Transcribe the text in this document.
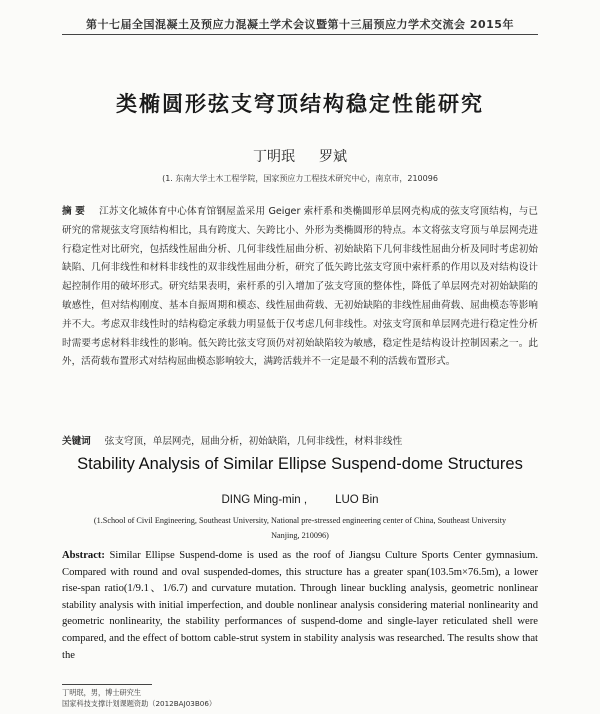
第十七届全国混凝土及预应力混凝土学术会议暨第十三届预应力学术交流会 2015年
类椭圆形弦支穹顶结构稳定性能研究
丁明珉 罗斌
(1. 东南大学土木工程学院，国家预应力工程技术研究中心，南京市，210096
摘 要 江苏文化城体育中心体育馆钢屋盖采用 Geiger 索杆系和类椭圆形单层网壳构成的弦支穹顶结构，与已研究的常规弦支穹顶结构相比，具有跨度大、矢跨比小、外形为类椭圆形的特点。本文将弦支穹顶与单层网壳进行稳定性对比研究，包括线性屈曲分析、几何非线性屈曲分析、初始缺陷下几何非线性屈曲分析及同时考虑初始缺陷、几何非线性和材料非线性的双非线性屈曲分析，研究了低矢跨比弦支穹顶中索杆系的作用以及对结构设计起控制作用的破坏形式。研究结果表明，索杆系的引入增加了弦支穹顶的整体性，降低了单层网壳对初始缺陷的敏感性，但对结构刚度、基本自振周期和模态、线性屈曲荷载、无初始缺陷的非线性屈曲荷载、屈曲模态等影响并不大。考虑双非线性时的结构稳定承载力明显低于仅考虑几何非线性。对弦支穹顶和单层网壳进行稳定性分析时需要考虑材料非线性的影响。低矢跨比弦支穹顶仍对初始缺陷较为敏感，稳定性是结构设计控制因素之一。此外，活荷载布置形式对结构屈曲模态影响较大，满跨活载并不一定是最不利的活载布置形式。
关键词 弦支穹顶，单层网壳，屈曲分析，初始缺陷，几何非线性，材料非线性
Stability Analysis of Similar Ellipse Suspend-dome Structures
DING Ming-min , LUO Bin
(1.School of Civil Engineering, Southeast University, National pre-stressed engineering center of China, Southeast University Nanjing, 210096)
Abstract: Similar Ellipse Suspend-dome is used as the roof of Jiangsu Culture Sports Center gymnasium. Compared with round and oval suspended-domes, this structure has a greater span(103.5m×76.5m), a lower rise-span ratio(1/9.1、1/6.7) and curvature mutation. Through linear buckling analysis, geometric nonlinear stability analysis with initial imperfection, and double nonlinear analysis considering material nonlinearity and geometric nonlinearity, the stability performances of suspend-dome and single-layer reticulated shell were compared, and the effect of bottom cable-strut system in stability analysis was researched. The results show that the
丁明珉，男，博士研究生
国家科技支撑计划课题资助（2012BAJ03B06）
